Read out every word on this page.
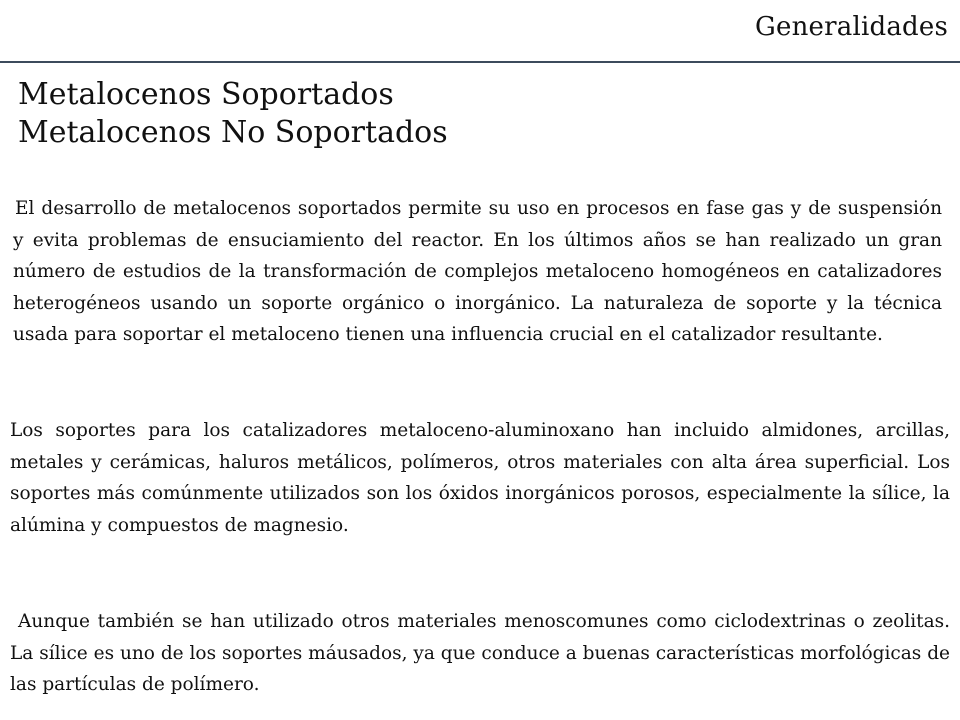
Generalidades
Metalocenos Soportados
Metalocenos No Soportados
El desarrollo de metalocenos soportados permite su uso en procesos en fase gas y de suspensión y evita problemas de ensuciamiento del reactor. En los últimos años se han realizado un gran número de estudios de la transformación de complejos metaloceno homogéneos en catalizadores heterogéneos usando un soporte orgánico o inorgánico. La naturaleza de soporte y la técnica usada para soportar el metaloceno tienen una influencia crucial en el catalizador resultante.
Los soportes para los catalizadores metaloceno-aluminoxano han incluido almidones, arcillas, metales y cerámicas, haluros metálicos, polímeros, otros materiales con alta área superficial. Los soportes más comúnmente utilizados son los óxidos inorgánicos porosos, especialmente la sílice, la alúmina y compuestos de magnesio.
Aunque también se han utilizado otros materiales menoscomunes como ciclodextrinas o zeolitas. La sílice es uno de los soportes máusados, ya que conduce a buenas características morfológicas de las partículas de polímero.
